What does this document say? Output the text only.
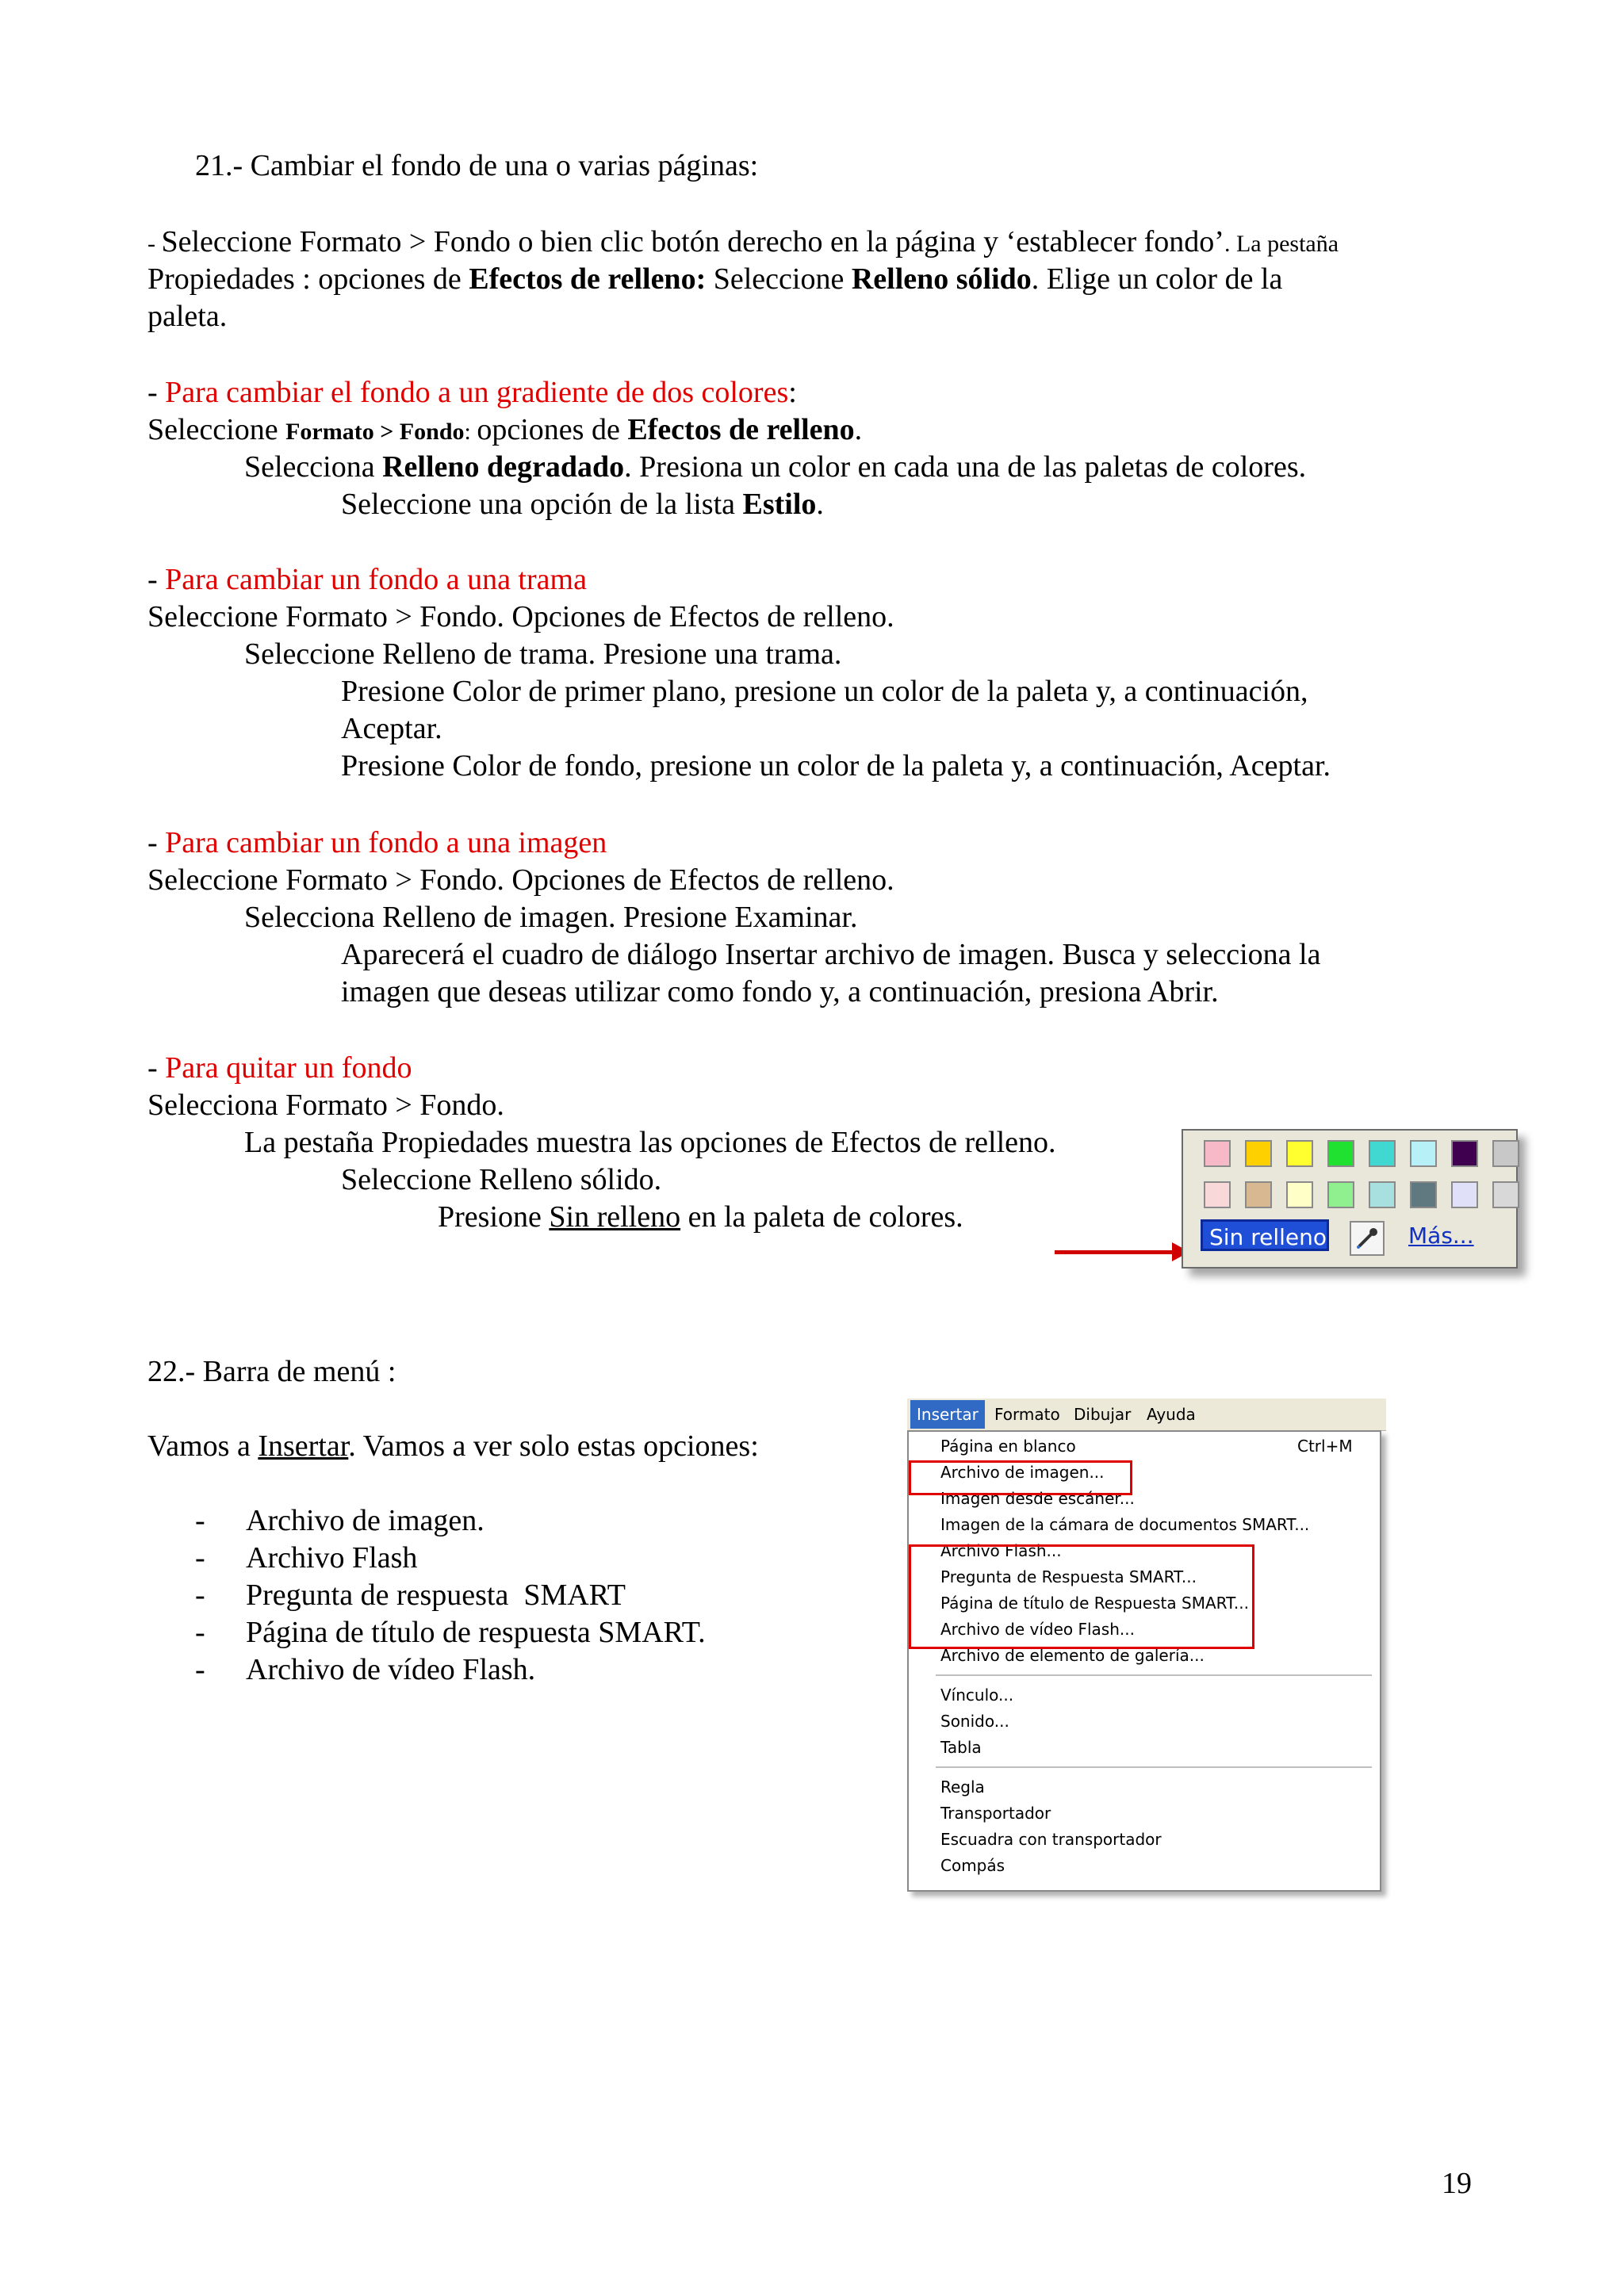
21.- Cambiar el fondo de una o varias páginas:
- Seleccione Formato > Fondo o bien clic botón derecho en la página y ‘establecer fondo’. La pestaña
Propiedades : opciones de Efectos de relleno: Seleccione Relleno sólido. Elige un color de la
paleta.
- Para cambiar el fondo a un gradiente de dos colores:
Seleccione Formato > Fondo: opciones de Efectos de relleno.
Selecciona Relleno degradado. Presiona un color en cada una de las paletas de colores.
Seleccione una opción de la lista Estilo.
- Para cambiar un fondo a una trama
Seleccione Formato > Fondo. Opciones de Efectos de relleno.
Seleccione Relleno de trama. Presione una trama.
Presione Color de primer plano, presione un color de la paleta y, a continuación,
Aceptar.
Presione Color de fondo, presione un color de la paleta y, a continuación, Aceptar.
- Para cambiar un fondo a una imagen
Seleccione Formato > Fondo. Opciones de Efectos de relleno.
Selecciona Relleno de imagen. Presione Examinar.
Aparecerá el cuadro de diálogo Insertar archivo de imagen. Busca y selecciona la
imagen que deseas utilizar como fondo y, a continuación, presiona Abrir.
- Para quitar un fondo
Selecciona Formato > Fondo.
La pestaña Propiedades muestra las opciones de Efectos de relleno.
Seleccione Relleno sólido.
Presione Sin relleno en la paleta de colores.
Sin relleno	Más...
22.- Barra de menú :
Vamos a Insertar. Vamos a ver solo estas opciones:
- Archivo de imagen.
- Archivo Flash
- Pregunta de respuesta  SMART
- Página de título de respuesta SMART.
- Archivo de vídeo Flash.
Insertar	Formato Dibujar Ayuda
Página en blanco	Ctrl+M
Archivo de imagen...
Imagen desde escáner...
Imagen de la cámara de documentos SMART...
Archivo Flash...
Pregunta de Respuesta SMART...
Página de título de Respuesta SMART...
Archivo de vídeo Flash...
Archivo de elemento de galería...
Vínculo...
Sonido...
Tabla
Regla
Transportador
Escuadra con transportador
Compás
19
